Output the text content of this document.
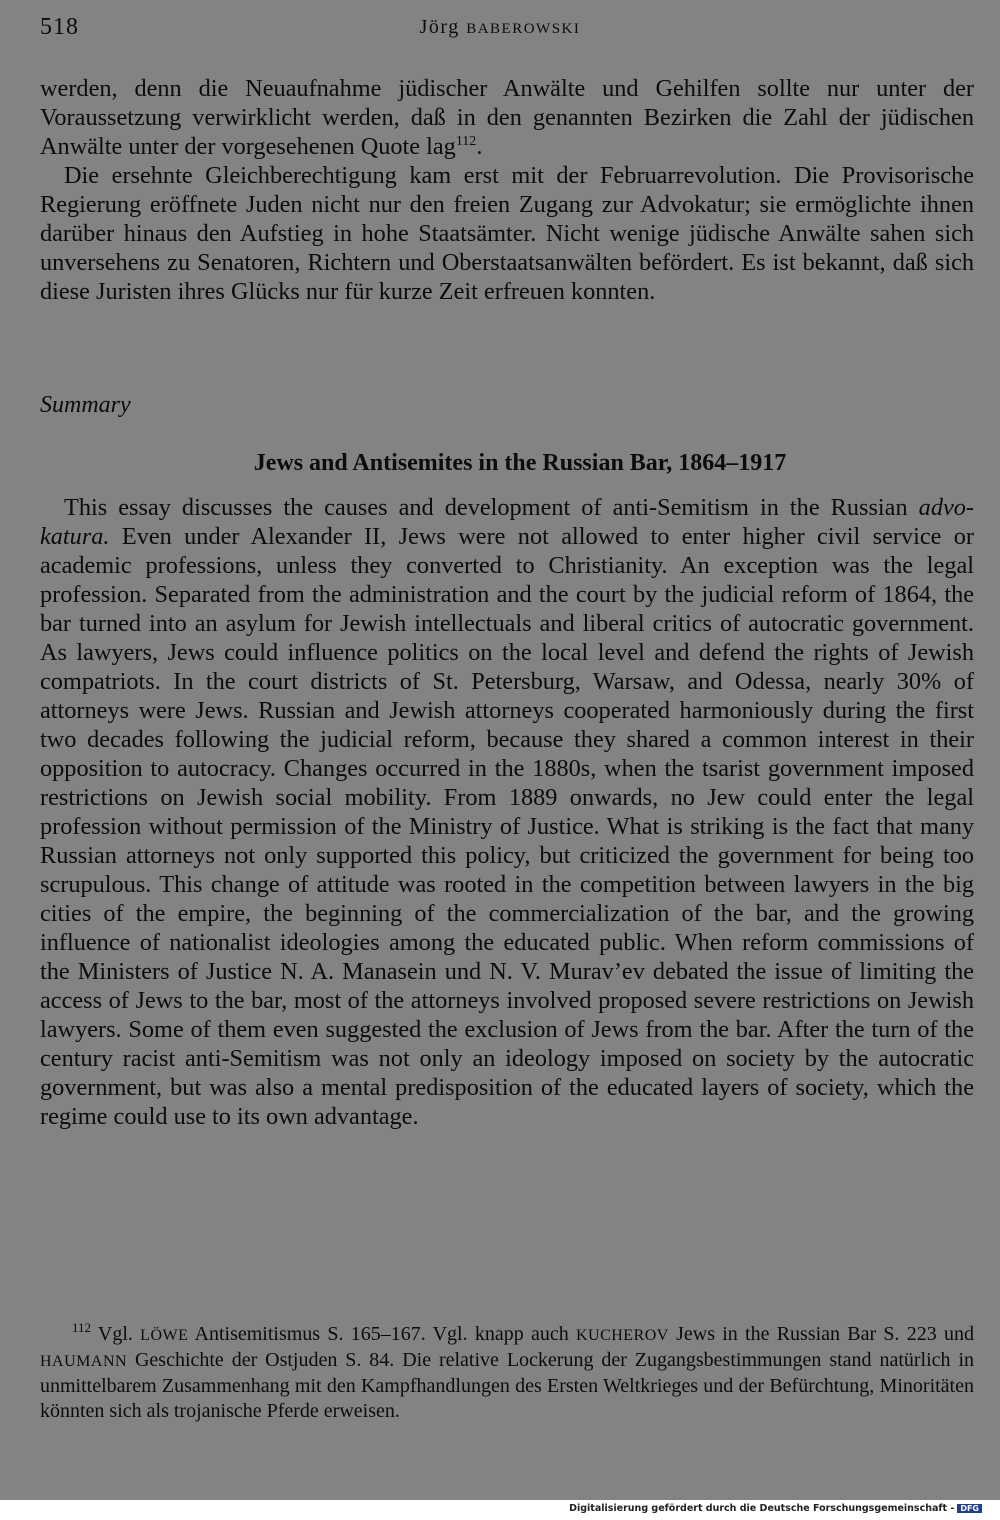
518	Jörg BABEROWSKI

werden, denn die Neuaufnahme jüdischer Anwälte und Gehilfen sollte nur unter der Voraussetzung verwirklicht werden, daß in den genannten Bezirken die Zahl der jüdischen Anwälte unter der vorgesehenen Quote lag$^{112}$.

Die ersehnte Gleichberechtigung kam erst mit der Februarrevolution. Die Provisorische Regierung eröffnete Juden nicht nur den freien Zugang zur Advokatur; sie ermöglichte ihnen darüber hinaus den Aufstieg in hohe Staatsämter. Nicht wenige jüdische Anwälte sahen sich unversehens zu Senatoren, Richtern und Oberstaatsanwälten befördert. Es ist bekannt, daß sich diese Juristen ihres Glücks nur für kurze Zeit erfreuen konnten.

Summary
Jews and Antisemites in the Russian Bar, 1864–1917

This essay discusses the causes and development of anti-Semitism in the Russian advokatura. Even under Alexander II, Jews were not allowed to enter higher civil service or academic professions, unless they converted to Christianity. An exception was the legal profession. Separated from the administration and the court by the judicial reform of 1864, the bar turned into an asylum for Jewish intellectuals and liberal critics of autocratic government. As lawyers, Jews could influence politics on the local level and defend the rights of Jewish compatriots. In the court districts of St. Petersburg, Warsaw, and Odessa, nearly 30% of attorneys were Jews. Russian and Jewish attorneys cooperated harmoniously during the first two decades following the judicial reform, because they shared a common interest in their opposition to autocracy. Changes occurred in the 1880s, when the tsarist government imposed restrictions on Jewish social mobility. From 1889 onwards, no Jew could enter the legal profession without permission of the Ministry of Justice. What is striking is the fact that many Russian attorneys not only supported this policy, but criticized the government for being too scrupulous. This change of attitude was rooted in the competition between lawyers in the big cities of the empire, the beginning of the commercialization of the bar, and the growing influence of nationalist ideologies among the educated public. When reform commissions of the Ministers of Justice N. A. Manasein und N. V. Murav’ev debated the issue of limiting the access of Jews to the bar, most of the attorneys involved proposed severe restrictions on Jewish lawyers. Some of them even suggested the exclusion of Jews from the bar. After the turn of the century racist anti-Semitism was not only an ideology imposed on society by the autocratic government, but was also a mental predisposition of the educated layers of society, which the regime could use to its own advantage.

$^{112}$ Vgl. LÖWE Antisemitismus S. 165–167. Vgl. knapp auch KUCHEROV Jews in the Russian Bar S. 223 und HAUMANN Geschichte der Ostjuden S. 84. Die relative Lockerung der Zugangsbestimmungen stand natürlich in unmittelbarem Zusammenhang mit den Kampfhandlungen des Ersten Weltkrieges und der Befürchtung, Minoritäten könnten sich als trojanische Pferde erweisen.
Digitalisierung gefördert durch die Deutsche Forschungsgemeinschaft - DFG
